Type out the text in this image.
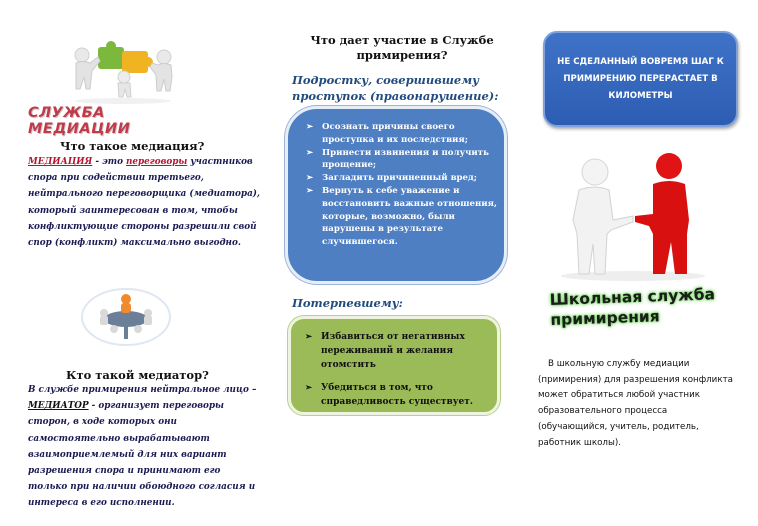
СЛУЖБА МЕДИАЦИИ
Что такое медиация?

МЕДИАЦИЯ - это переговоры участников спора при содействии третьего, нейтрального переговорщика (медиатора), который заинтересован в том, чтобы конфликтующие стороны разрешили свой спор (конфликт) максимально выгодно.

Кто такой медиатор?

В службе примирения нейтральное лицо – МЕДИАТОР - организует переговоры сторон, в ходе которых они самостоятельно вырабатывают взаимоприемлемый для них вариант разрешения спора и принимают его только при наличии обоюдного согласия и интереса в его исполнении.

Что дает участие в Службе примирения?
Подростку, совершившему проступок (правонарушение):
➢ Осознать причины своего проступка и их последствия;
➢ Принести извинения и получить прощение;
➢ Загладить причиненный вред;
➢ Вернуть к себе уважение и восстановить важные отношения, которые, возможно, были нарушены в результате случившегося.
Потерпевшему:
➢ Избавиться от негативных переживаний и желания отомстить
➢ Убедиться в том, что справедливость существует.
НЕ СДЕЛАННЫЙ ВОВРЕМЯ ШАГ К ПРИМИРЕНИЮ ПЕРЕРАСТАЕТ В КИЛОМЕТРЫ
Школьная служба примирения

В школьную службу медиации (примирения) для разрешения конфликта может обратиться любой участник образовательного процесса (обучающийся, учитель, родитель, работник школы).
